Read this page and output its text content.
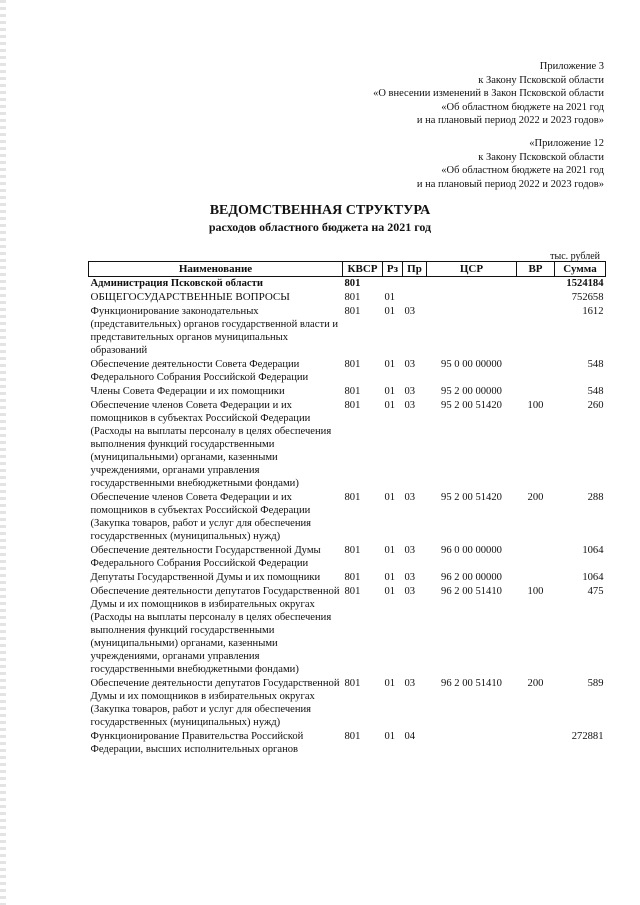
Приложение 3
к Закону Псковской области
«О внесении изменений в Закон Псковской области
«Об областном бюджете на 2021 год
и на плановый период 2022 и 2023 годов»
«Приложение 12
к Закону Псковской области
«Об областном бюджете на 2021 год
и на плановый период 2022 и 2023 годов»
ВЕДОМСТВЕННАЯ СТРУКТУРА
расходов областного бюджета на 2021 год
тыс. рублей
Наименование	КВСР	Рз	Пр	ЦСР	ВР	Сумма
Администрация Псковской области	801					1524184
ОБЩЕГОСУДАРСТВЕННЫЕ ВОПРОСЫ	801	01				752658
Функционирование законодательных (представительных) органов государственной власти и представительных органов муниципальных образований	801	01	03			1612
Обеспечение деятельности Совета Федерации Федерального Собрания Российской Федерации	801	01	03	95 0 00 00000		548
Члены Совета Федерации и их помощники	801	01	03	95 2 00 00000		548
Обеспечение членов Совета Федерации и их помощников в субъектах Российской Федерации (Расходы на выплаты персоналу в целях обеспечения выполнения функций государственными (муниципальными) органами, казенными учреждениями, органами управления государственными внебюджетными фондами)	801	01	03	95 2 00 51420	100	260
Обеспечение членов Совета Федерации и их помощников в субъектах Российской Федерации (Закупка товаров, работ и услуг для обеспечения государственных (муниципальных) нужд)	801	01	03	95 2 00 51420	200	288
Обеспечение деятельности Государственной Думы Федерального Собрания Российской Федерации	801	01	03	96 0 00 00000		1064
Депутаты Государственной Думы и их помощники	801	01	03	96 2 00 00000		1064
Обеспечение деятельности депутатов Государственной Думы и их помощников в избирательных округах (Расходы на выплаты персоналу в целях обеспечения выполнения функций государственными (муниципальными) органами, казенными учреждениями, органами управления государственными внебюджетными фондами)	801	01	03	96 2 00 51410	100	475
Обеспечение деятельности депутатов Государственной Думы и их помощников в избирательных округах (Закупка товаров, работ и услуг для обеспечения государственных (муниципальных) нужд)	801	01	03	96 2 00 51410	200	589
Функционирование Правительства Российской Федерации, высших исполнительных органов	801	01	04			272881
